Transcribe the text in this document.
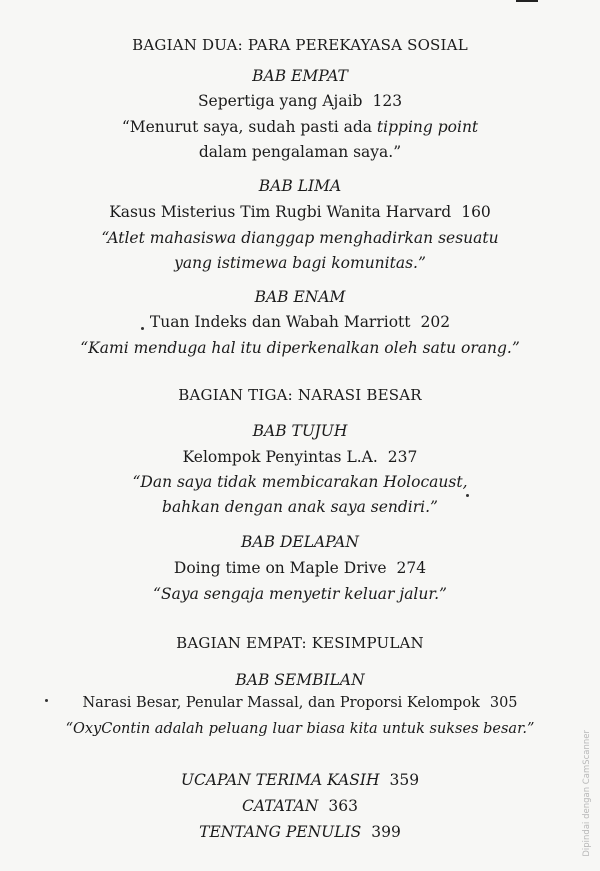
BAGIAN DUA: PARA PEREKAYASA SOSIAL
BAB EMPAT
Sepertiga yang Ajaib 123
“Menurut saya, sudah pasti ada tipping point
dalam pengalaman saya.”
BAB LIMA
Kasus Misterius Tim Rugbi Wanita Harvard 160
“Atlet mahasiswa dianggap menghadirkan sesuatu
yang istimewa bagi komunitas.”
BAB ENAM
Tuan Indeks dan Wabah Marriott 202
“Kami menduga hal itu diperkenalkan oleh satu orang.”
BAGIAN TIGA: NARASI BESAR
BAB TUJUH
Kelompok Penyintas L.A. 237
“Dan saya tidak membicarakan Holocaust,
bahkan dengan anak saya sendiri.”
BAB DELAPAN
Doing time on Maple Drive 274
“Saya sengaja menyetir keluar jalur.”
BAGIAN EMPAT: KESIMPULAN
BAB SEMBILAN
Narasi Besar, Penular Massal, dan Proporsi Kelompok 305
“OxyContin adalah peluang luar biasa kita untuk sukses besar.”
UCAPAN TERIMA KASIH 359
CATATAN 363
TENTANG PENULIS 399	Dipindai dengan CamScanner
